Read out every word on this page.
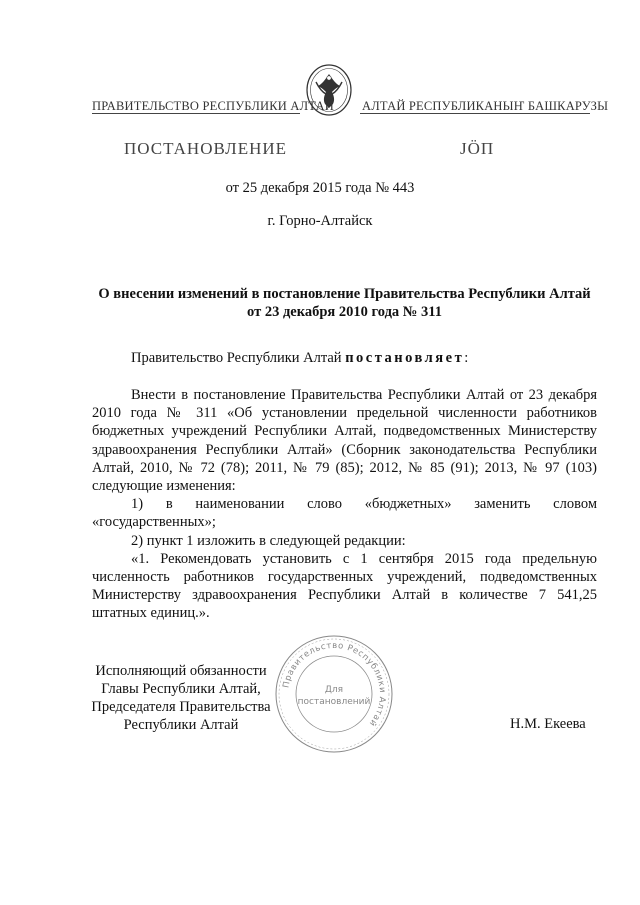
ПРАВИТЕЛЬСТВО РЕСПУБЛИКИ АЛТАЙ АЛТАЙ РЕСПУБЛИКАНЫҤ БАШКАРУЗЫ
ПОСТАНОВЛЕНИЕ	ЈӦП
от 25 декабря 2015 года № 443
г. Горно-Алтайск
О внесении изменений в постановление Правительства Республики Алтай от 23 декабря 2010 года № 311
Правительство Республики Алтай постановляет:

Внести в постановление Правительства Республики Алтай от 23 декабря 2010 года № 311 «Об установлении предельной численности работников бюджетных учреждений Республики Алтай, подведомственных Министерству здравоохранения Республики Алтай» (Сборник законодательства Республики Алтай, 2010, № 72 (78); 2011, № 79 (85); 2012, № 85 (91); 2013, № 97 (103) следующие изменения:

1) в наименовании слово «бюджетных» заменить словом «государственных»;

2) пункт 1 изложить в следующей редакции:

«1. Рекомендовать установить с 1 сентября 2015 года предельную численность работников государственных учреждений, подведомственных Министерству здравоохранения Республики Алтай в количестве 7 541,25 штатных единиц.».

Исполняющий обязанности
Главы Республики Алтай,
Председателя Правительства
Республики Алтай	Н.М. Екеева
Правительство Республики Алтай
Для
постановлений
